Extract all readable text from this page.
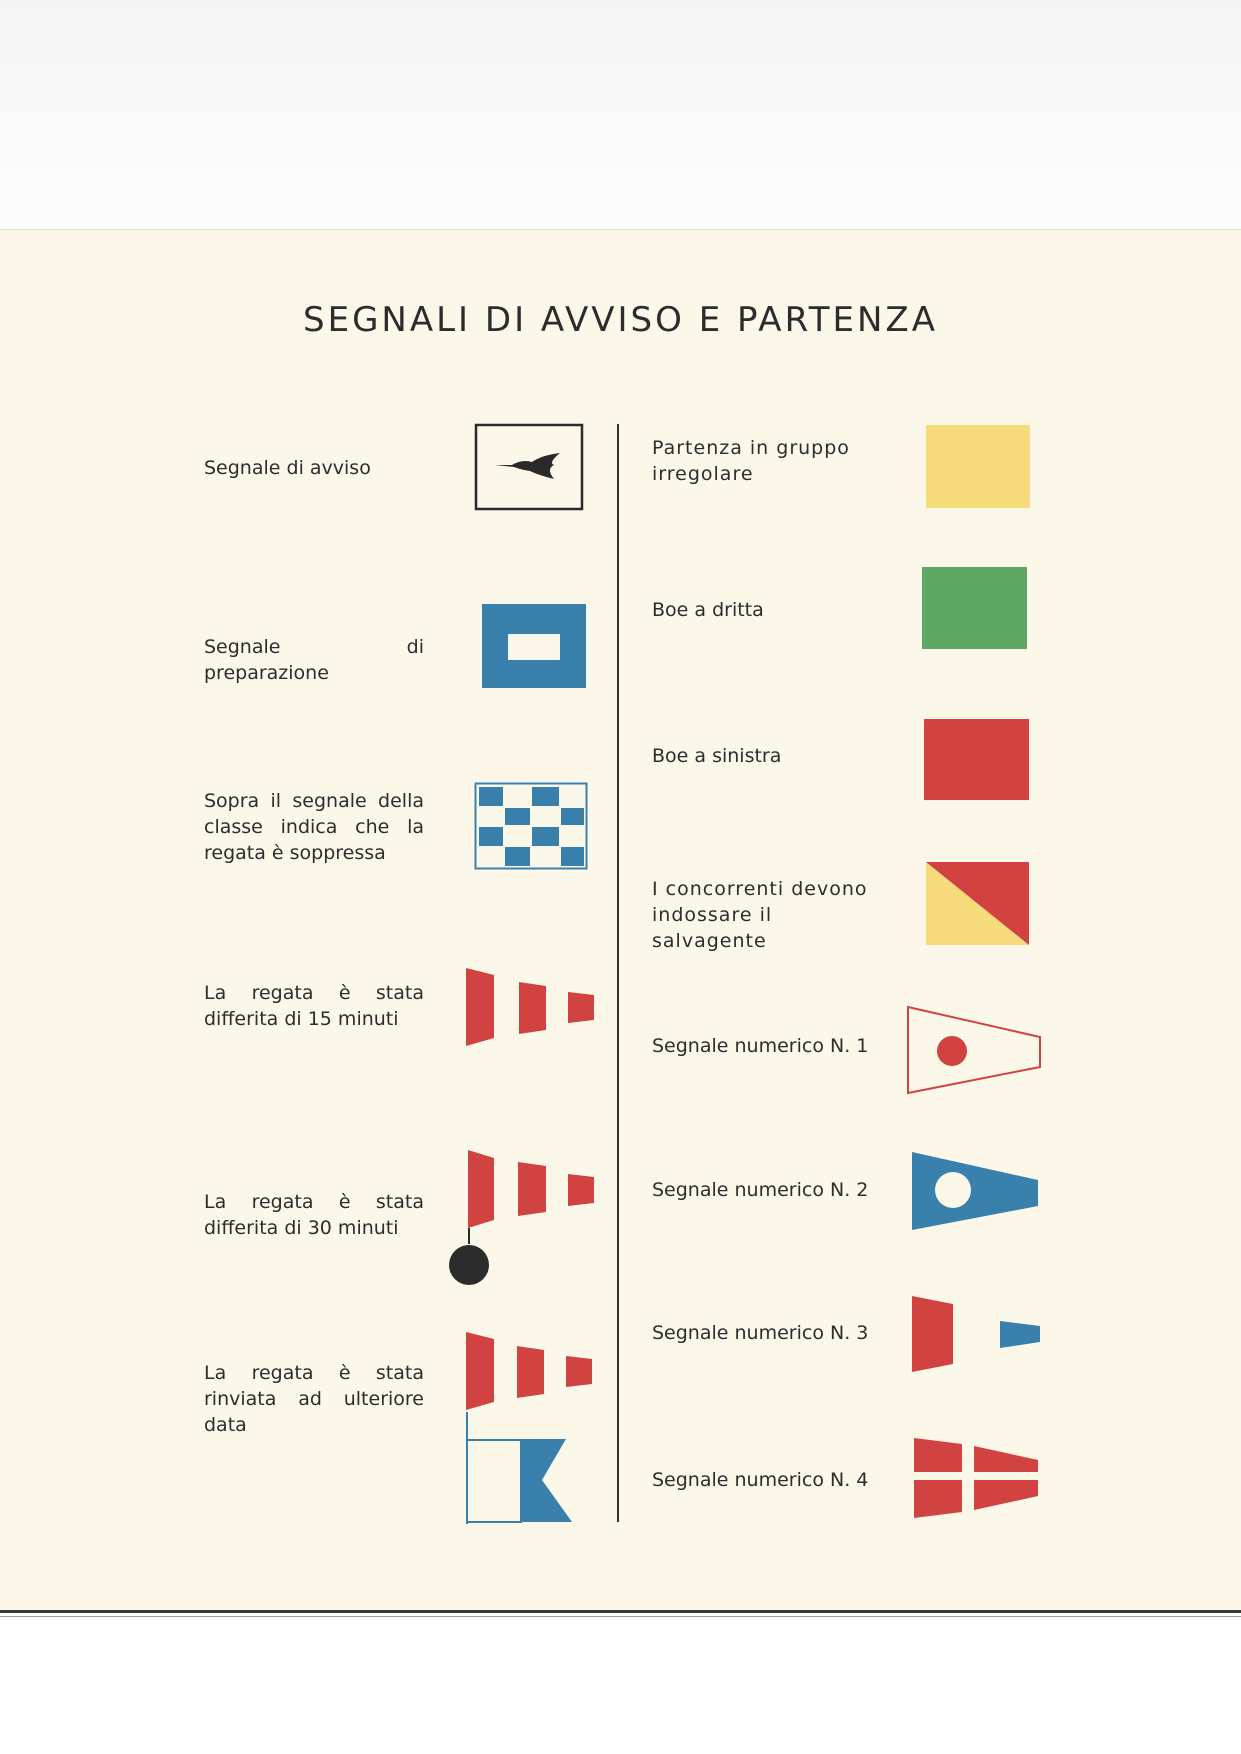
SEGNALI DI AVVISO E PARTENZA

Segnale di avviso

Segnale di preparazione

Sopra il segnale della classe indica che la regata è soppressa

La regata è stata differita di 15 minuti

La regata è stata differita di 30 minuti

La regata è stata rinviata ad ulteriore data

Partenza in gruppo irregolare

Boe a dritta

Boe a sinistra

I concorrenti devono indossare il salvagente

Segnale numerico N. 1

Segnale numerico N. 2

Segnale numerico N. 3

Segnale numerico N. 4
